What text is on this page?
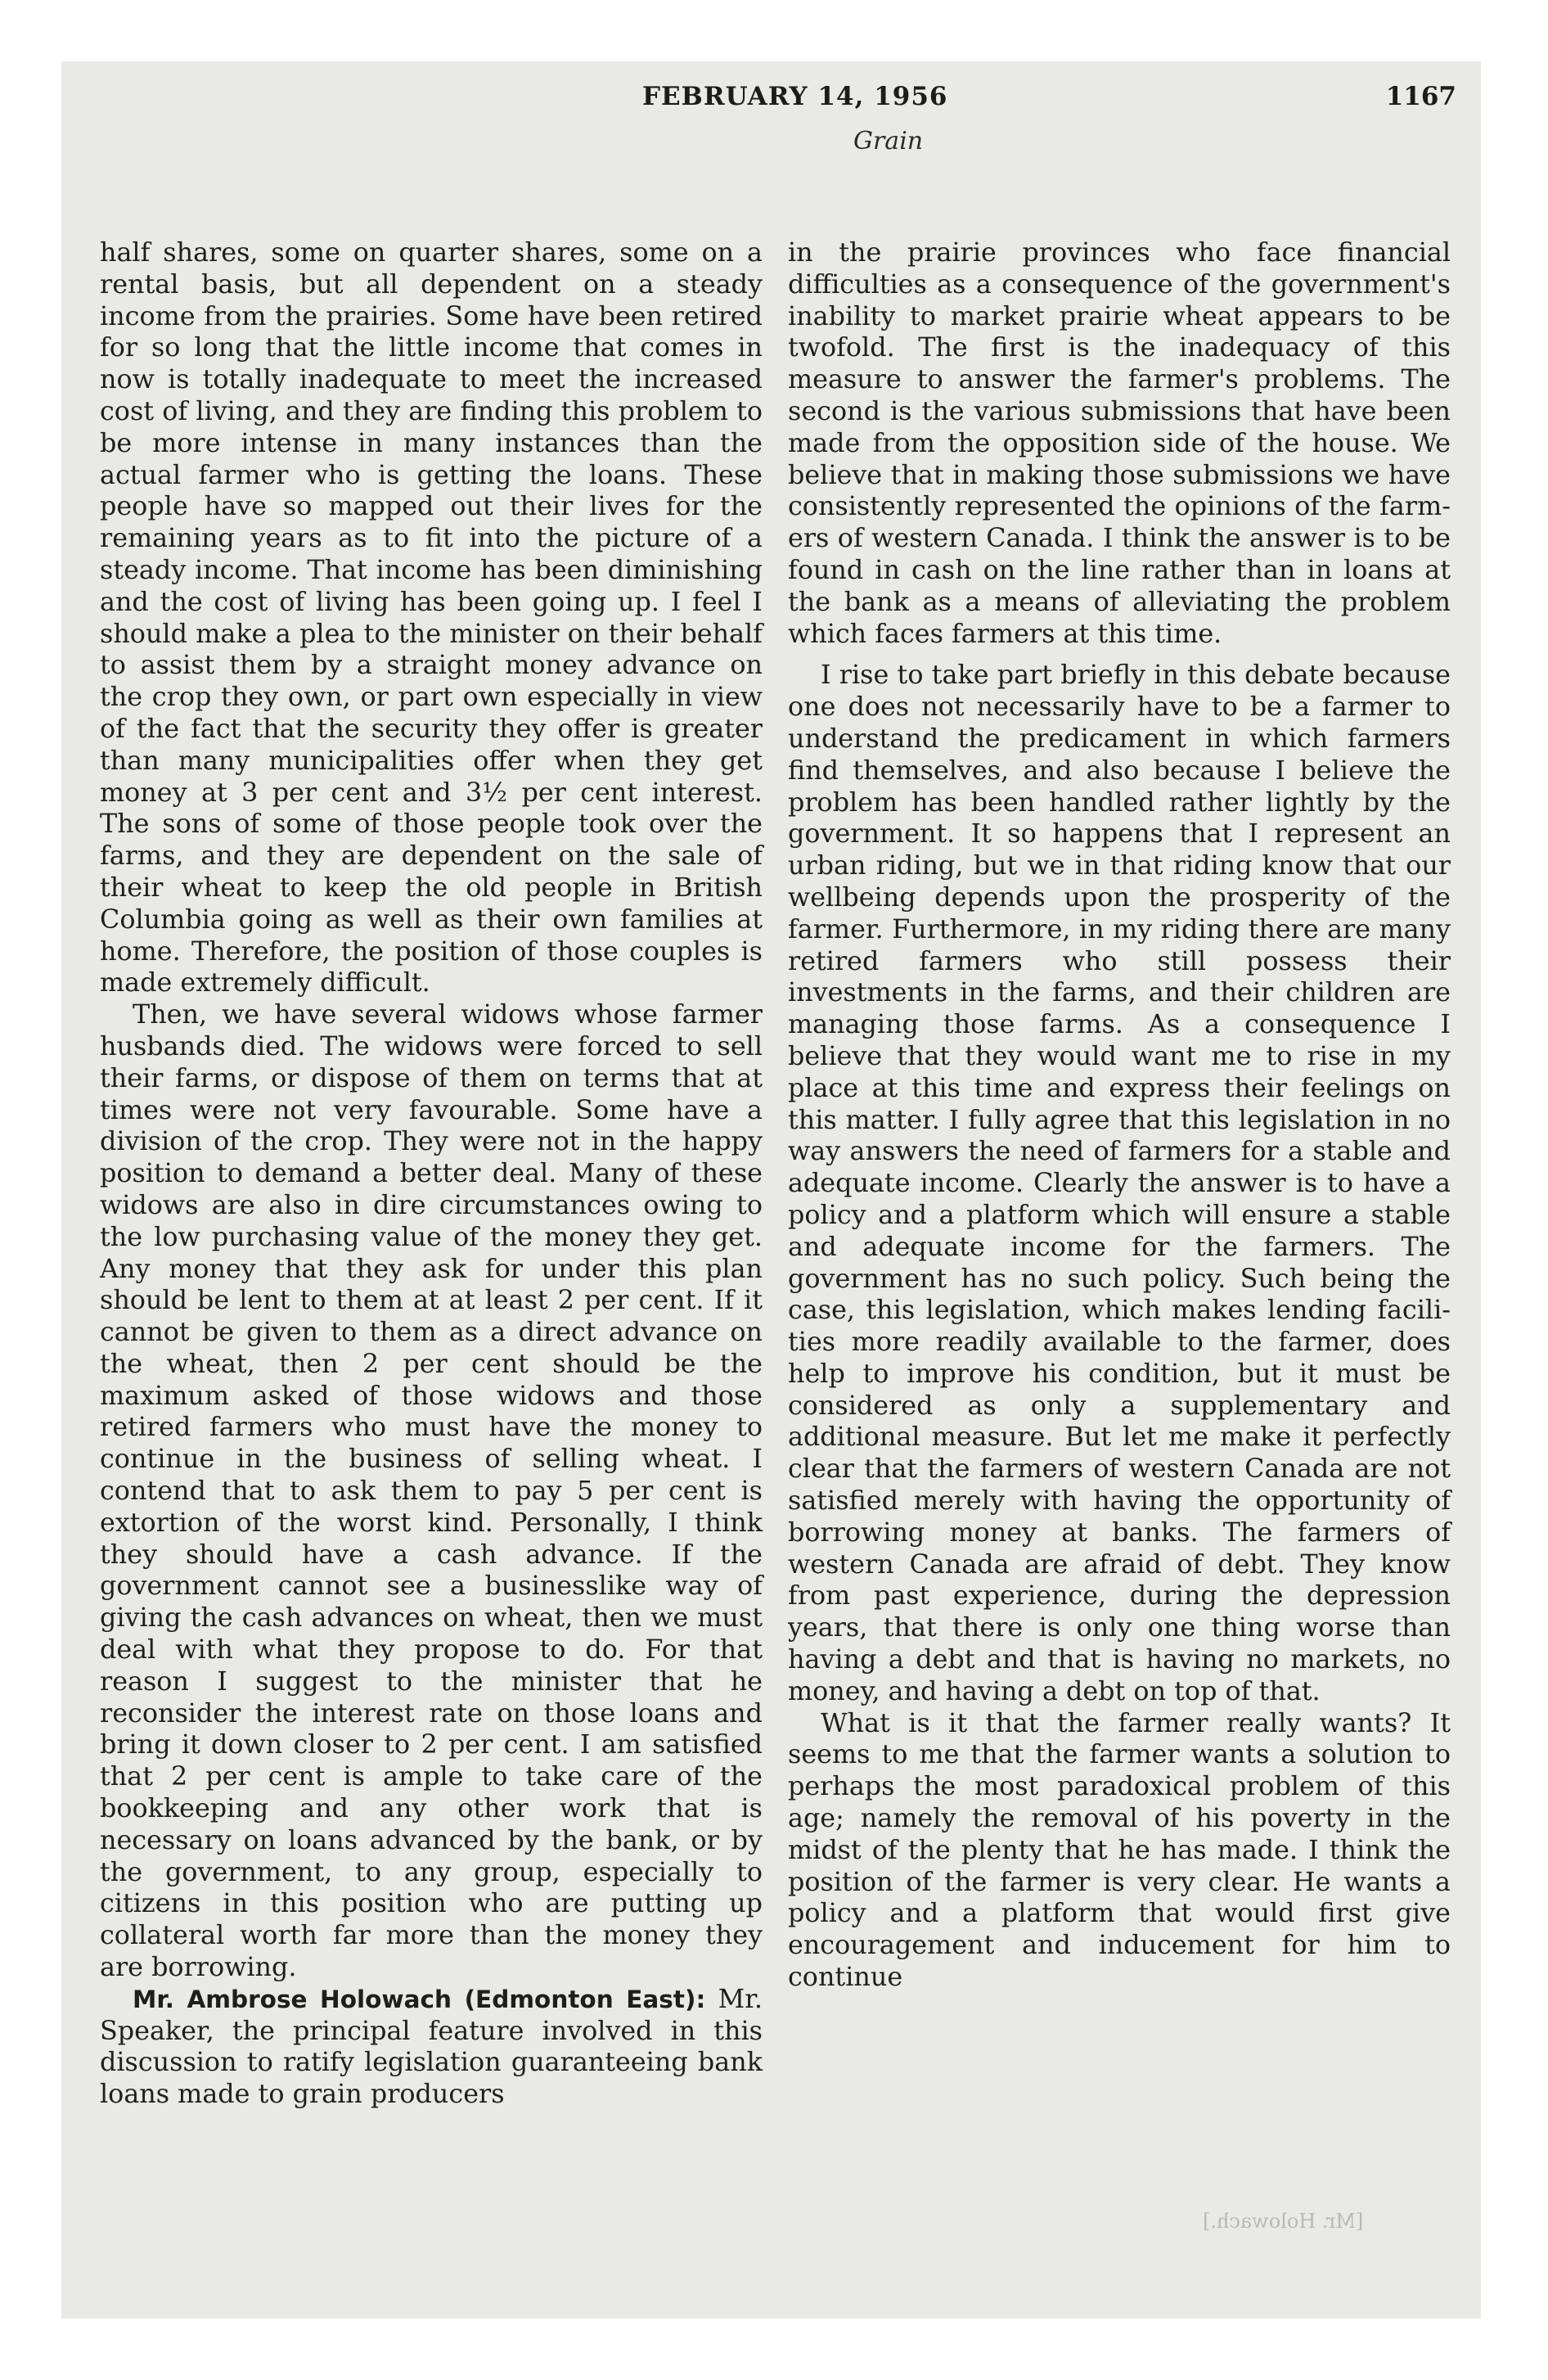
FEBRUARY 14, 1956	1167
Grain

half shares, some on quarter shares, some on a rental basis, but all dependent on a steady income from the prairies. Some have been retired for so long that the little income that comes in now is totally inadequate to meet the increased cost of living, and they are finding this problem to be more intense in many instances than the actual farmer who is getting the loans. These people have so mapped out their lives for the remaining years as to fit into the picture of a steady income. That income has been diminishing and the cost of living has been going up. I feel I should make a plea to the minister on their behalf to assist them by a straight money advance on the crop they own, or part own especially in view of the fact that the security they offer is greater than many municipalities offer when they get money at 3 per cent and 3½ per cent interest. The sons of some of those people took over the farms, and they are dependent on the sale of their wheat to keep the old people in British Columbia going as well as their own families at home. Therefore, the position of those couples is made extremely difficult.

Then, we have several widows whose farmer husbands died. The widows were forced to sell their farms, or dispose of them on terms that at times were not very favourable. Some have a division of the crop. They were not in the happy position to demand a better deal. Many of these widows are also in dire circumstances owing to the low purchasing value of the money they get. Any money that they ask for under this plan should be lent to them at at least 2 per cent. If it cannot be given to them as a direct advance on the wheat, then 2 per cent should be the maximum asked of those widows and those retired farmers who must have the money to continue in the business of selling wheat. I contend that to ask them to pay 5 per cent is extortion of the worst kind. Personally, I think they should have a cash advance. If the government cannot see a businesslike way of giving the cash advances on wheat, then we must deal with what they propose to do. For that reason I suggest to the minister that he reconsider the interest rate on those loans and bring it down closer to 2 per cent. I am satisfied that 2 per cent is ample to take care of the bookkeeping and any other work that is necessary on loans advanced by the bank, or by the government, to any group, especially to citizens in this position who are putting up collateral worth far more than the money they are borrowing.

Mr. Ambrose Holowach (Edmonton East): Mr. Speaker, the principal feature involved in this discussion to ratify legislation guaranteeing bank loans made to grain producers

in the prairie provinces who face financial difficulties as a consequence of the government's inability to market prairie wheat appears to be twofold. The first is the inadequacy of this measure to answer the farmer's problems. The second is the various submissions that have been made from the opposition side of the house. We believe that in making those submissions we have consistently represented the opinions of the farmers of western Canada. I think the answer is to be found in cash on the line rather than in loans at the bank as a means of alleviating the problem which faces farmers at this time.

I rise to take part briefly in this debate because one does not necessarily have to be a farmer to understand the predicament in which farmers find themselves, and also because I believe the problem has been handled rather lightly by the government. It so happens that I represent an urban riding, but we in that riding know that our wellbeing depends upon the prosperity of the farmer. Furthermore, in my riding there are many retired farmers who still possess their investments in the farms, and their children are managing those farms. As a consequence I believe that they would want me to rise in my place at this time and express their feelings on this matter. I fully agree that this legislation in no way answers the need of farmers for a stable and adequate income. Clearly the answer is to have a policy and a platform which will ensure a stable and adequate income for the farmers. The government has no such policy. Such being the case, this legislation, which makes lending facilities more readily available to the farmer, does help to improve his condition, but it must be considered as only a supplementary and additional measure. But let me make it perfectly clear that the farmers of western Canada are not satisfied merely with having the opportunity of borrowing money at banks. The farmers of western Canada are afraid of debt. They know from past experience, during the depression years, that there is only one thing worse than having a debt and that is having no markets, no money, and having a debt on top of that.

What is it that the farmer really wants? It seems to me that the farmer wants a solution to perhaps the most paradoxical problem of this age; namely the removal of his poverty in the midst of the plenty that he has made. I think the position of the farmer is very clear. He wants a policy and a platform that would first give encouragement and inducement for him to continue

[Mr. Holowach.]
